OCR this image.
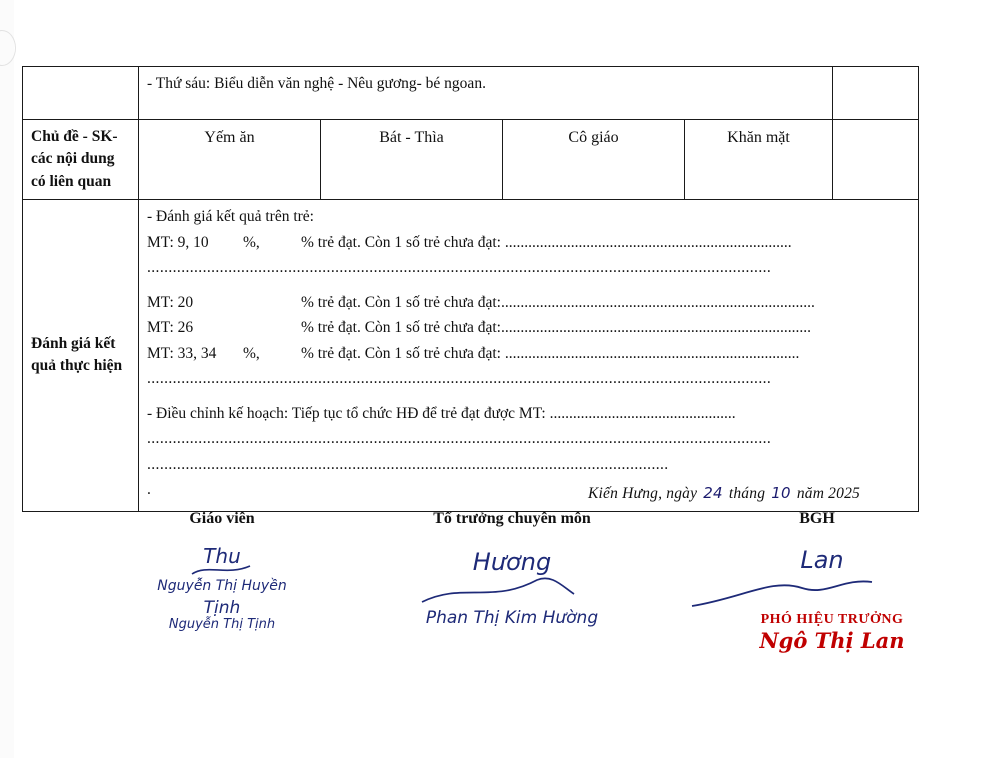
	- Thứ sáu: Biểu diễn văn nghệ - Nêu gương- bé ngoan.				
Chủ đề - SK- các nội dung có liên quan	Yếm ăn	Bát - Thìa	Cô giáo	Khăn mặt	
Đánh giá kết quả thực hiện	

- Đánh giá kết quả trên trẻ:

MT: 9, 10	%,	% trẻ đạt. Còn 1 số trẻ chưa đạt: ..........................................................................

..................................................................................................................................................

MT: 20	% trẻ đạt. Còn 1 số trẻ chưa đạt:.................................................................................

MT: 26	% trẻ đạt. Còn 1 số trẻ chưa đạt:................................................................................

MT: 33, 34	%,	% trẻ đạt. Còn 1 số trẻ chưa đạt: ............................................................................

..................................................................................................................................................

- Điều chỉnh kế hoạch: Tiếp tục tổ chức HĐ để trẻ đạt được MT: ................................................

..................................................................................................................................................

..........................................................................................................................

.	Kiến Hưng, ngày 24 tháng 10 năm 2025
Giáo viên
Thu
Nguyễn Thị Huyền
Tịnh
Nguyễn Thị Tịnh
Tổ trưởng chuyên môn
Hương
Phan Thị Kim Hường
BGH
Lan
PHÓ HIỆU TRƯỞNG
Ngô Thị Lan
